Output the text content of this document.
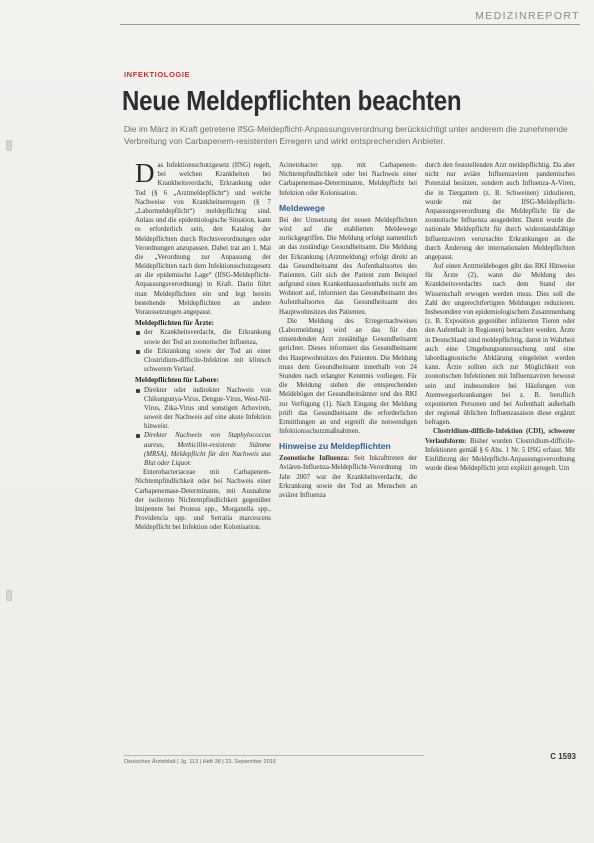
MEDIZINREPORT
INFEKTIOLOGIE
Neue Meldepflichten beachten

Die im März in Kraft getretene IfSG-Meldepflicht-Anpassungsverordnung berücksichtigt unter anderem die zunehmende Verbreitung von Carbapenem-resistenten Erregern und wirkt entsprechenden Anbieter.

Das Infektionsschutzgesetz (IfSG) regelt, bei welchen Krankheiten bei Krankheitsverdacht, Erkrankung oder Tod (§ 6 „Arztmeldepflicht“) und welche Nachweise von Krankheitserregern (§ 7 „Labormeldepflicht“) meldepflichtig sind. Anlass und die epidemiologische Situation, kann es erforderlich sein, den Katalog der Meldepflichten durch Rechtsverordnungen oder Verordnungen anzupassen. Dabei trat am 1. Mai die „Verordnung zur Anpassung der Meldepflichten nach dem Infektionsschutzgesetz an die epidemische Lage“ (IfSG-Meldepflicht-Anpassungsverordnung) in Kraft. Darin führt man Meldepflichten ein und legt bereits bestehende Meldepflichten an andere Voraussetzungen angepasst.

Meldepflichten für Ärzte:
der Krankheitsverdacht, die Erkrankung sowie der Tod an zoonotischer Influenza,
die Erkrankung sowie der Tod an einer Clostridium-difficile-Infektion mit klinisch schwerem Verlauf.
Meldepflichten für Labore:
Direkter oder indirekter Nachweis von Chikungunya-Virus, Dengue-Virus, West-Nil-Virus, Zika-Virus und sonstigen Arboviren, soweit der Nachweis auf eine akute Infektion hinweist.
Direkter Nachweis von Staphylococcus aureus, Methicillin-resistente Stämme (MRSA), Meldepflicht für den Nachweis aus Blut oder Liquor.

Enterobacteriaceae mit Carbapenem-Nichtempfindlichkeit oder bei Nachweis einer Carbapenemase-Determinante, mit Ausnahme der isolierten Nichtempfindlichkeit gegenüber Imipenem bei Proteus spp., Morganella spp., Providencia spp. und Serratia marcescens Meldepflicht bei Infektion oder Kolonisation.

Acinetobacter spp. mit Carbapenem-Nichtempfindlichkeit oder bei Nachweis einer Carbapenemase-Determinante, Meldepflicht bei Infektion oder Kolonisation.

Meldewege

Bei der Umsetzung der neuen Meldepflichten wird auf die etablierten Meldewege zurückgegriffen. Die Meldung erfolgt namentlich an das zuständige Gesundheitsamt. Die Meldung der Erkrankung (Arztmeldung) erfolgt direkt an das Gesundheitsamt des Aufenthaltsortes des Patienten. Gilt sich der Patient zum Beispiel aufgrund eines Krankenhausaufenthalts nicht am Wohnort auf, informiert das Gesundheitsamt des Aufenthaltsortes das Gesundheitsamt des Hauptwohnsitzes des Patienten.

Die Meldung des Erregernachweises (Labormeldung) wird an das für den einsendenden Arzt zuständige Gesundheitsamt gerichtet. Dieses informiert das Gesundheitsamt des Hauptwohnsitzes des Patienten. Die Meldung muss dem Gesundheitsamt innerhalb von 24 Stunden nach erlangter Kenntnis vorliegen. Für die Meldung stehen die entsprechenden Meldebögen der Gesundheitsämter und des RKI zur Verfügung (1). Nach Eingang der Meldung prüft das Gesundheitsamt die erforderlichen Ermittlungen an und ergreift die notwendigen Infektionsschutzmaßnahmen.

Hinweise zu Meldepflichten

Zoonotische Influenza: Seit Inkrafttreten der Aviären-Influenza-Meldepflicht-Verordnung im Jahr 2007 war der Krankheitsverdacht, die Erkrankung sowie der Tod an Menschen an aviärer Influenza

durch den feststellenden Arzt meldepflichtig. Da aber nicht nur aviäre Influenzaviren pandemisches Potenzial besitzen, sondern auch Influenza-A-Viren, die in Tiergattern (z. B. Schweinen) zirkulieren, wurde mit der IfSG-Meldepflicht-Anpassungsverordnung die Meldepflicht für die zoonotische Influenza ausgedehnt. Damit wurde die nationale Meldepflicht für durch widerstandsfähige Influenzaviren verursachte Erkrankungen an die durch Änderung der internationalen Meldepflichten angepasst.

Auf einen Arztmeldebogen gibt das RKI Hinweise für Ärzte (2), wann die Meldung des Krankheitsverdachts nach dem Stand der Wissenschaft erwogen werden muss. Dies soll die Zahl der ungerechtfertigten Meldungen reduzieren. Insbesondere von epidemiologischem Zusammenhang (z. B. Exposition gegenüber infizierten Tieren oder den Aufenthalt in Regionen) betrachtet werden. Ärzte in Deutschland sind meldepflichtig, damit in Wahrheit auch eine Umgebungsuntersuchung und eine labordiagnostische Abklärung eingeleitet werden kann. Ärzte sollten sich zur Möglichkeit von zoonotischen Infektionen mit Influenzaviren bewusst sein und insbesondere bei Häufungen von Atemwegserkrankungen bei z. B. beruflich exponierten Personen und bei Aufenthalt außerhalb der regional üblichen Influenzasaison diese ergänzt befragen.

Clostridium-difficile-Infektion (CDI), schwerer Verlaufsform: Bisher wurden Clostridium-difficile-Infektionen gemäß § 6 Abs. 1 Nr. 5 IfSG erfasst. Mit Einführung der Meldepflicht-Anpassungsverordnung wurde diese Meldepflicht jetzt explizit geregelt. Um

Deutsches Ärzteblatt | Jg. 113 | Heft 38 | 23. September 2016
C 1593
